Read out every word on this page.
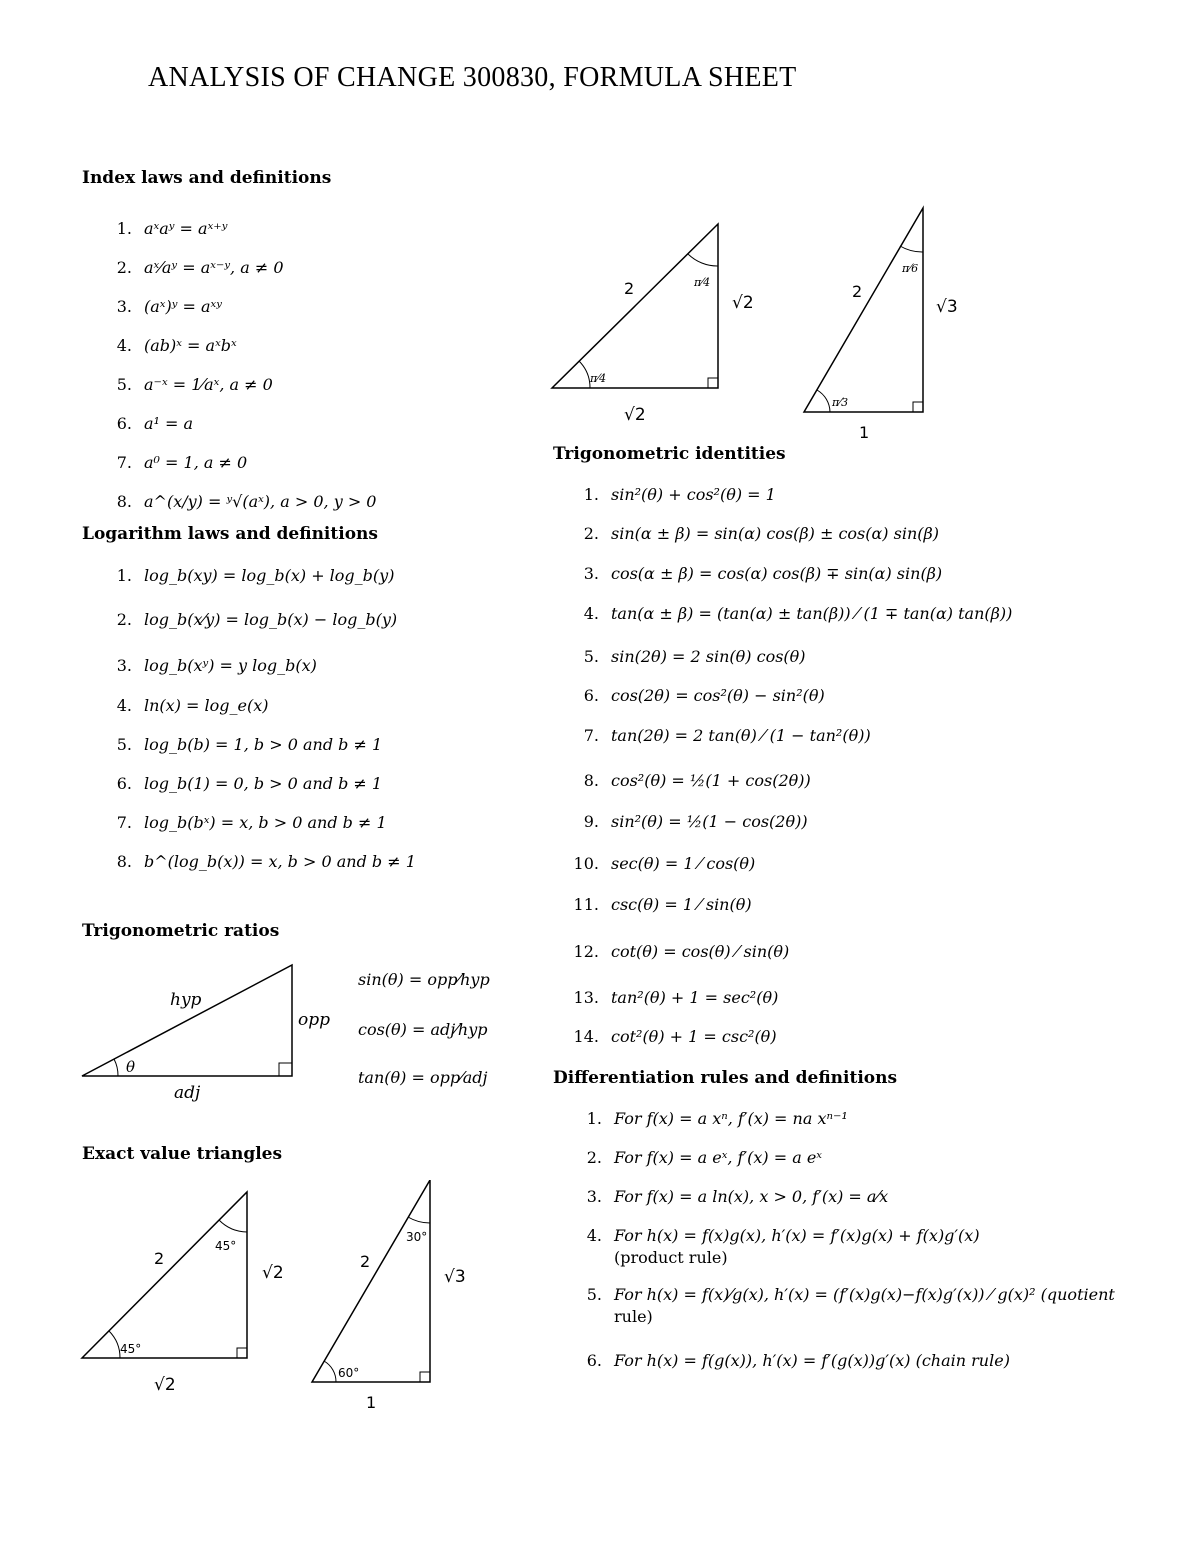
ANALYSIS OF CHANGE 300830, FORMULA SHEET
Index laws and definitions
1. aˣaʸ = aˣ⁺ʸ
2. aˣ⁄aʸ = aˣ⁻ʸ, a ≠ 0
3. (aˣ)ʸ = aˣʸ
4. (ab)ˣ = aˣbˣ
5. a⁻ˣ = 1⁄aˣ, a ≠ 0
6. a¹ = a
7. a⁰ = 1, a ≠ 0
8. a^(x/y) = ʸ√(aˣ), a > 0, y > 0
Logarithm laws and definitions
1. log_b(xy) = log_b(x) + log_b(y)
2. log_b(x⁄y) = log_b(x) − log_b(y)
3. log_b(xʸ) = y log_b(x)
4. ln(x) = log_e(x)
5. log_b(b) = 1, b > 0 and b ≠ 1
6. log_b(1) = 0, b > 0 and b ≠ 1
7. log_b(bˣ) = x, b > 0 and b ≠ 1
8. b^(log_b(x)) = x, b > 0 and b ≠ 1
Trigonometric ratios
θ
hyp
opp
adj
sin(θ) = opp⁄hyp
cos(θ) = adj⁄hyp
tan(θ) = opp⁄adj
Exact value triangles
2
45°
45°
√2
√2
2
30°
60°
√3
1
2	π⁄4
π⁄4
√2
√2
2
π⁄6
π⁄3
√3
1
Trigonometric identities
1. sin²(θ) + cos²(θ) = 1
2. sin(α ± β) = sin(α) cos(β) ± cos(α) sin(β)
3. cos(α ± β) = cos(α) cos(β) ∓ sin(α) sin(β)
4. tan(α ± β) = (tan(α) ± tan(β)) ⁄ (1 ∓ tan(α) tan(β))
5. sin(2θ) = 2 sin(θ) cos(θ)
6. cos(2θ) = cos²(θ) − sin²(θ)
7. tan(2θ) = 2 tan(θ) ⁄ (1 − tan²(θ))
8. cos²(θ) = ½(1 + cos(2θ))
9. sin²(θ) = ½(1 − cos(2θ))
10. sec(θ) = 1 ⁄ cos(θ)
11. csc(θ) = 1 ⁄ sin(θ)
12. cot(θ) = cos(θ) ⁄ sin(θ)
13. tan²(θ) + 1 = sec²(θ)
14. cot²(θ) + 1 = csc²(θ)
Differentiation rules and definitions
1. For f(x) = a xⁿ, f′(x) = na xⁿ⁻¹
2. For f(x) = a eˣ, f′(x) = a eˣ
3. For f(x) = a ln(x), x > 0, f′(x) = a⁄x
4. For h(x) = f(x)g(x), h′(x) = f′(x)g(x) + f(x)g′(x)
(product rule)
5. For h(x) = f(x)⁄g(x), h′(x) = (f′(x)g(x)−f(x)g′(x)) ⁄ g(x)² (quotient
rule)
6. For h(x) = f(g(x)), h′(x) = f′(g(x))g′(x) (chain rule)
